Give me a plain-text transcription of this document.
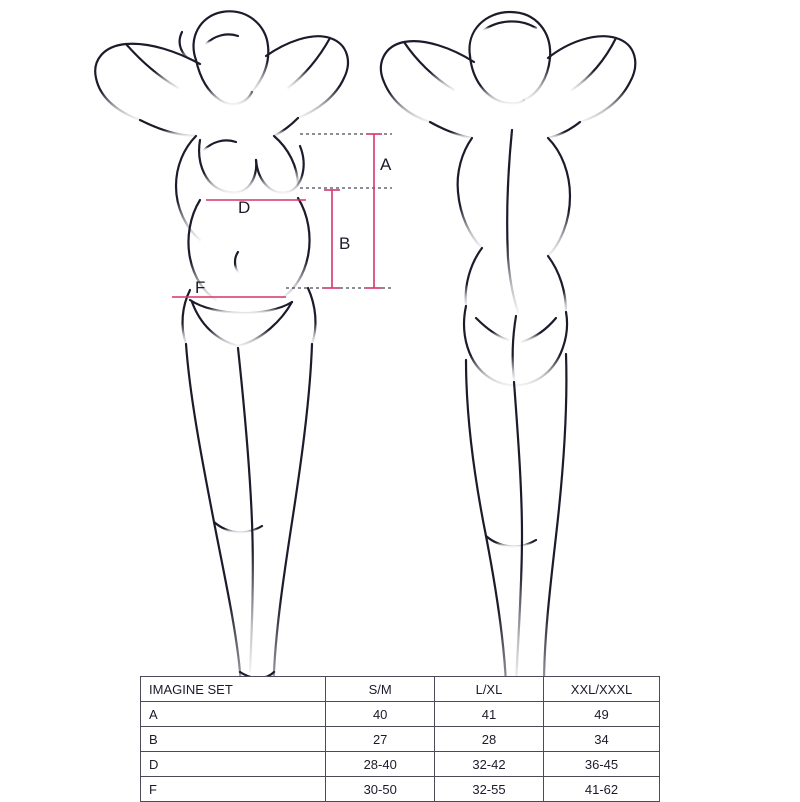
A
B
D
F
IMAGINE SET	S/M	L/XL	XXL/XXXL
A	40	41	49
B	27	28	34
D	28-40	32-42	36-45
F	30-50	32-55	41-62
